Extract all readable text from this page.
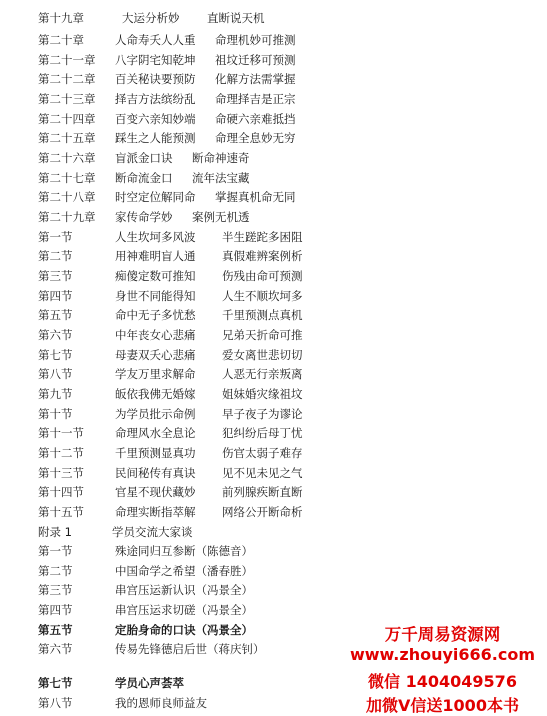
第十九章	大运分析妙 直断说天机
第二十章	人命寿夭人人重 命理机妙可推测
第二十一章 八字阴宅知乾坤 祖坟迁移可预测
第二十二章 百关秘诀要预防 化解方法需掌握
第二十三章 择吉方法缤纷乱 命理择吉是正宗
第二十四章 百变六亲知妙端 命硬六亲难抵挡
第二十五章 踩生之人能预测 命理全息妙无穷
第二十六章 盲派金口诀 断命神速奇
第二十七章 断命流金口 流年法宝藏
第二十八章 时空定位解同命 掌握真机命无同
第二十九章 家传命学妙 案例无机透
第一节	人生坎坷多风波 半生蹉跎多困阻
第二节	用神难明盲人通 真假难辨案例析
第三节	痴傻定数可推知 伤残由命可预测
第四节	身世不同能得知 人生不顺坎坷多
第五节	命中无子多忧愁 千里预测点真机
第六节	中年丧女心悲痛 兄弟天折命可推
第七节	母妻双夭心悲痛 爱女离世悲切切
第八节	学友万里求解命 人恶无行亲叛离
第九节	皈依我佛无婚嫁 姐妹婚灾缘祖坟
第十节	为学员批示命例 早子夜子为谬论
第十一节	命理风水全息论 犯纠纷后母丁忧
第十二节	千里预测显真功 伤官太弱子难存
第十三节	民间秘传有真诀 见不见未见之气
第十四节	官星不现伏藏妙 前列腺疾断直断
第十五节	命理实断指萃解 网络公开断命析
附录 1	学员交流大家谈
第一节	殊途同归互参断（陈德音）
第二节	中国命学之希望（潘春胜）
第三节	串宫压运新认识（冯景全）
第四节	串宫压运求切磋（冯景全）
第五节	定胎身命的口诀（冯景全）
第六节	传易先锋德启后世（蒋庆钊）
第七节	学员心声荟萃
第八节	我的恩师良师益友
万千周易资源网
www.zhouyi666.com
微信 1404049576
加微V信送1000本书
